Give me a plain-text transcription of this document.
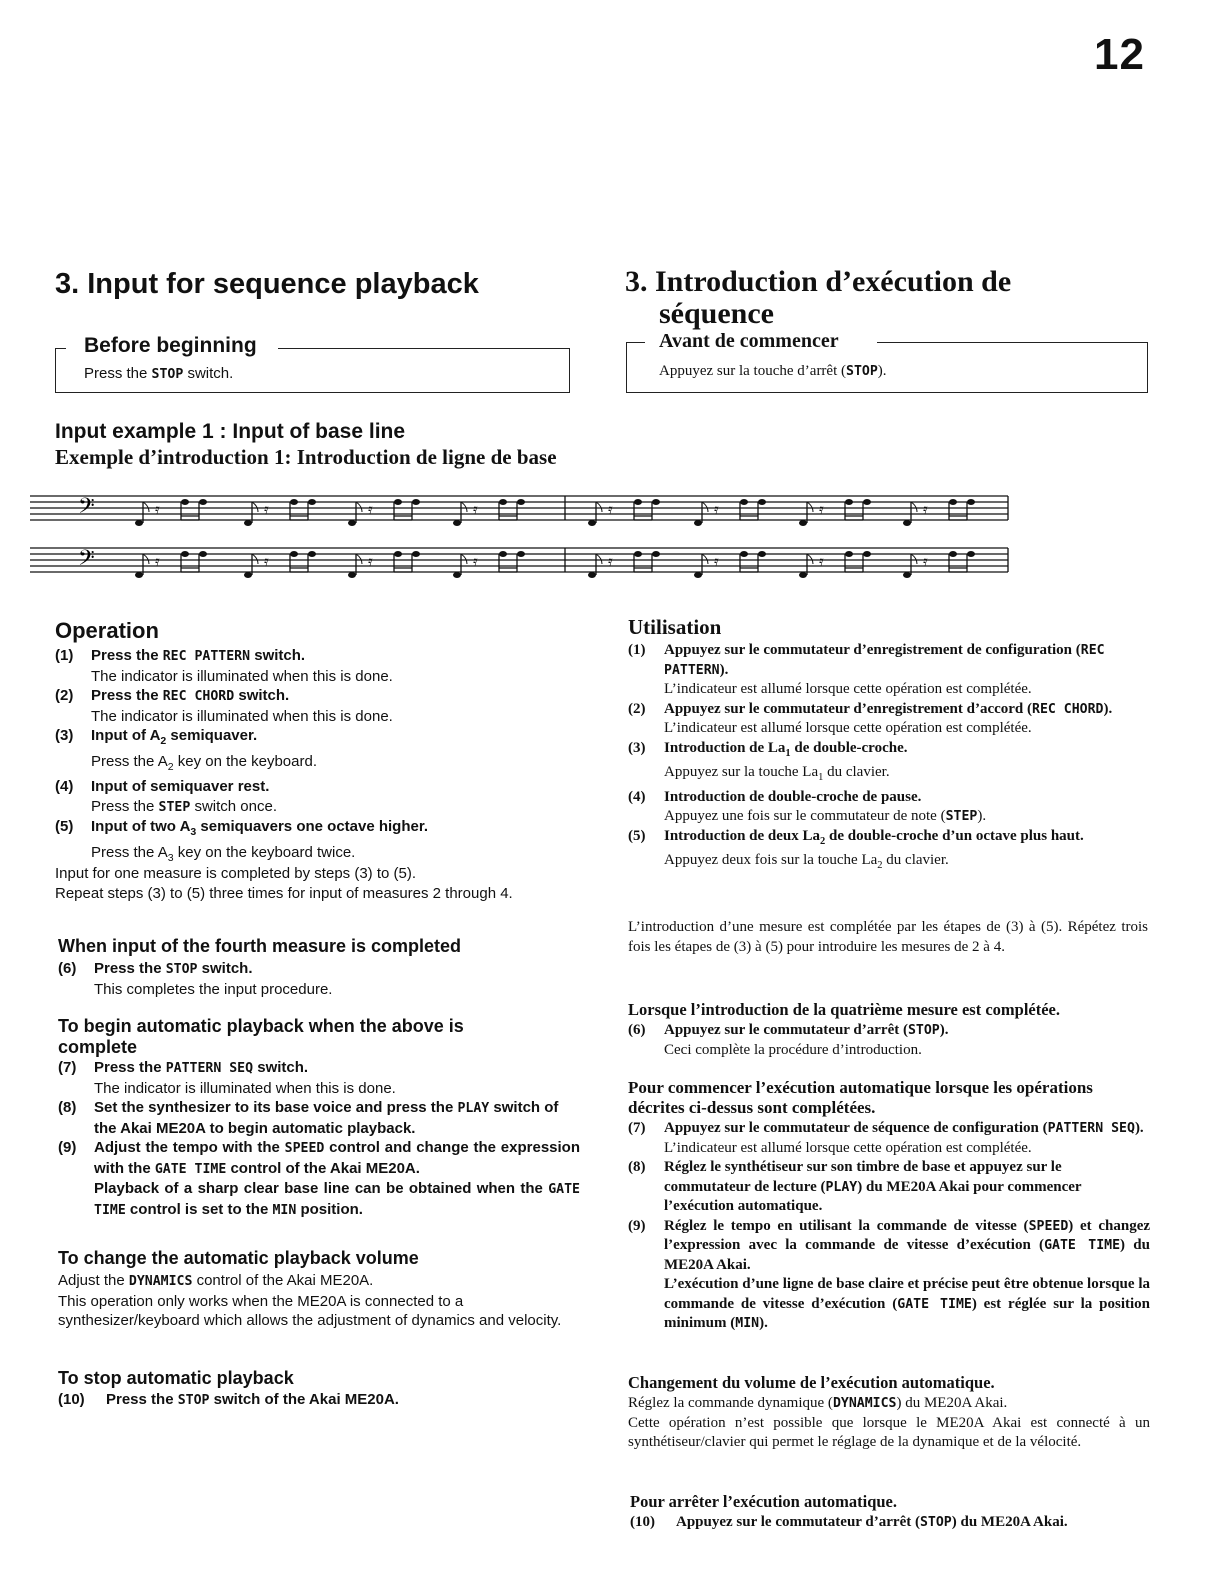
12
3. Input for sequence playback	3. Introduction d’exécution de
séquence
Before beginning
Press the STOP switch.
Avant de commencer
Appuyez sur la touche d’arrêt (STOP).
Input example 1 : Input of base line
Exemple d’introduction 1: Introduction de ligne de base
𝄢
𝄢
𝄿	𝄿	𝄿	𝄿	𝄿	𝄿	𝄿	𝄿
𝄿	𝄿	𝄿	𝄿	𝄿	𝄿	𝄿	𝄿
Operation
(1)	Press the REC PATTERN switch.
The indicator is illuminated when this is done.
(2)	Press the REC CHORD switch.
The indicator is illuminated when this is done.
(3)	Input of $A_2$ semiquaver.
Press the $A_2$ key on the keyboard.
(4)	Input of semiquaver rest.
Press the STEP switch once.
(5)	Input of two $A_3$ semiquavers one octave higher.
Press the $A_3$ key on the keyboard twice.
Input for one measure is completed by steps (3) to (5).
Repeat steps (3) to (5) three times for input of measures 2 through 4.
When input of the fourth measure is completed
(6)	Press the STOP switch.
This completes the input procedure.
To begin automatic playback when the above is complete
(7)	Press the PATTERN SEQ switch.
The indicator is illuminated when this is done.
(8)	Set the synthesizer to its base voice and press the PLAY switch of the Akai ME20A to begin automatic playback.
(9)	Adjust the tempo with the SPEED control and change the expression with the GATE TIME control of the Akai ME20A.
Playback of a sharp clear base line can be obtained when the GATE TIME control is set to the MIN position.
To change the automatic playback volume
Adjust the DYNAMICS control of the Akai ME20A.
This operation only works when the ME20A is connected to a synthesizer/keyboard which allows the adjustment of dynamics and velocity.
To stop automatic playback
(10)	Press the STOP switch of the Akai ME20A.
Utilisation
(1)	Appuyez sur le commutateur d’enregistrement de configuration (REC PATTERN).
L’indicateur est allumé lorsque cette opération est complétée.
(2)	Appuyez sur le commutateur d’enregistrement d’accord (REC CHORD).
L’indicateur est allumé lorsque cette opération est complétée.
(3)	Introduction de $La_1$ de double-croche.
Appuyez sur la touche $La_1$ du clavier.
(4)	Introduction de double-croche de pause.
Appuyez une fois sur le commutateur de note (STEP).
(5)	Introduction de deux $La_2$ de double-croche d’un octave plus haut.
Appuyez deux fois sur la touche $La_2$ du clavier.
L’introduction d’une mesure est complétée par les étapes de (3) à (5). Répétez trois fois les étapes de (3) à (5) pour introduire les mesures de 2 à 4.
Lorsque l’introduction de la quatrième mesure est complétée.
(6)	Appuyez sur le commutateur d’arrêt (STOP).
Ceci complète la procédure d’introduction.
Pour commencer l’exécution automatique lorsque les opérations décrites ci-dessus sont complétées.
(7)	Appuyez sur le commutateur de séquence de configuration (PATTERN SEQ).
L’indicateur est allumé lorsque cette opération est complétée.
(8)	Réglez le synthétiseur sur son timbre de base et appuyez sur le commutateur de lecture (PLAY) du ME20A Akai pour commencer l’exécution automatique.
(9)	Réglez le tempo en utilisant la commande de vitesse (SPEED) et changez l’expression avec la commande de vitesse d’exécution (GATE TIME) du ME20A Akai.
L’exécution d’une ligne de base claire et précise peut être obtenue lorsque la commande de vitesse d’exécution (GATE TIME) est réglée sur la position minimum (MIN).
Changement du volume de l’exécution automatique.
Réglez la commande dynamique (DYNAMICS) du ME20A Akai.
Cette opération n’est possible que lorsque le ME20A Akai est connecté à un synthétiseur/clavier qui permet le réglage de la dynamique et de la vélocité.
Pour arrêter l’exécution automatique.
(10)	Appuyez sur le commutateur d’arrêt (STOP) du ME20A Akai.
